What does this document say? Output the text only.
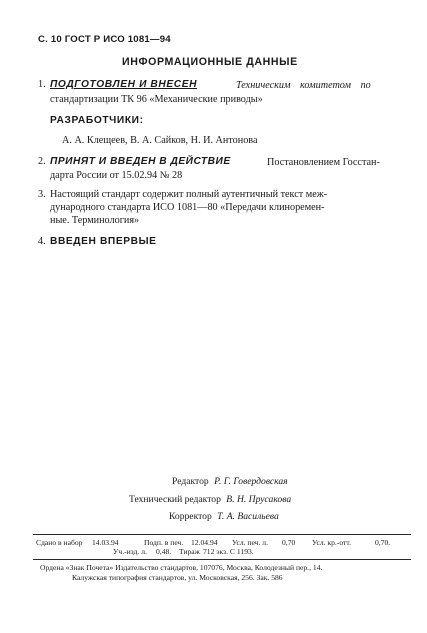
С. 10 ГОСТ Р ИСО 1081—94
ИНФОРМАЦИОННЫЕ ДАННЫЕ
1. ПОДГОТОВЛЕН И ВНЕСЕН	Техническим комитетом по
стандартизации ТК 96 «Механические приводы»
РАЗРАБОТЧИКИ:
А. А. Клещеев, В. А. Сайков, Н. И. Антонова
2. ПРИНЯТ И ВВЕДЕН В ДЕЙСТВИЕ	Постановлением Госстан-
дарта России от 15.02.94 № 28
3. Настоящий стандарт содержит полный аутентичный текст меж-
дународного стандарта ИСО 1081—80 «Передачи клиноремен-
ные. Терминология»
4. ВВЕДЕН ВПЕРВЫЕ
Редактор Р. Г. Говердовская
Технический редактор В. Н. Прусакова
Корректор Т. А. Васильева
Сдано в набор 14.03.94	Подп. в печ. 12.04.94 Усл. печ. л. 0,70 Усл. кр.-отт.	0,70.
Уч.-изд. л. 0,48. Тираж 712 экз. С 1193.
Ордена «Знак Почета» Издательство стандартов, 107076, Москва, Колодезный пер., 14.
Калужская типография стандартов, ул. Московская, 256. Зак. 586
